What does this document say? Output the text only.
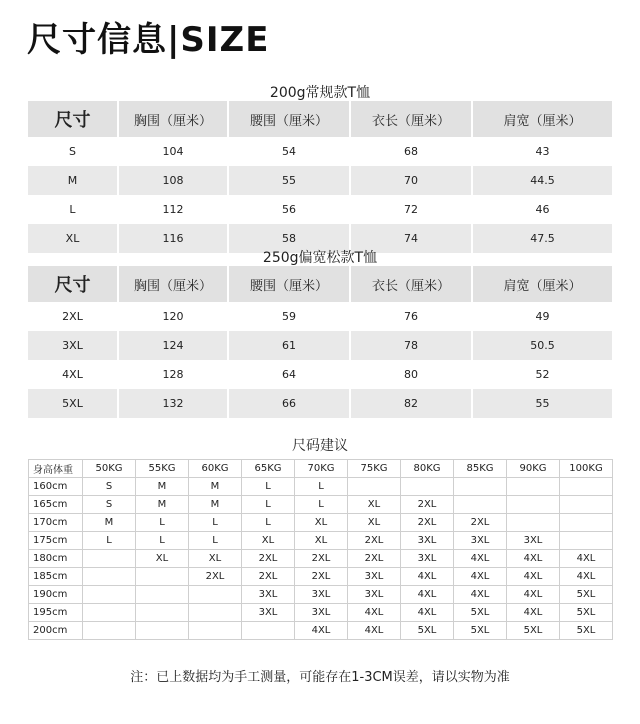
尺寸信息|SIZE
200g常规款T恤
尺寸	胸围（厘米）	腰围（厘米）	衣长（厘米）	肩宽（厘米）
S	104	54	68	43
M	108	55	70	44.5
L	112	56	72	46
XL	116	58	74	47.5
250g偏宽松款T恤
尺寸	胸围（厘米）	腰围（厘米）	衣长（厘米）	肩宽（厘米）
2XL	120	59	76	49
3XL	124	61	78	50.5
4XL	128	64	80	52
5XL	132	66	82	55
尺码建议
身高体重	50KG	55KG	60KG	65KG	70KG	75KG	80KG	85KG	90KG	100KG
160cm	S	M	M	L	L					
165cm	S	M	M	L	L	XL	2XL			
170cm	M	L	L	L	XL	XL	2XL	2XL		
175cm	L	L	L	XL	XL	2XL	3XL	3XL	3XL	
180cm		XL	XL	2XL	2XL	2XL	3XL	4XL	4XL	4XL
185cm			2XL	2XL	2XL	3XL	4XL	4XL	4XL	4XL
190cm				3XL	3XL	3XL	4XL	4XL	4XL	5XL
195cm				3XL	3XL	4XL	4XL	5XL	4XL	5XL
200cm					4XL	4XL	5XL	5XL	5XL	5XL
注：已上数据均为手工测量，可能存在1-3CM误差，请以实物为准
